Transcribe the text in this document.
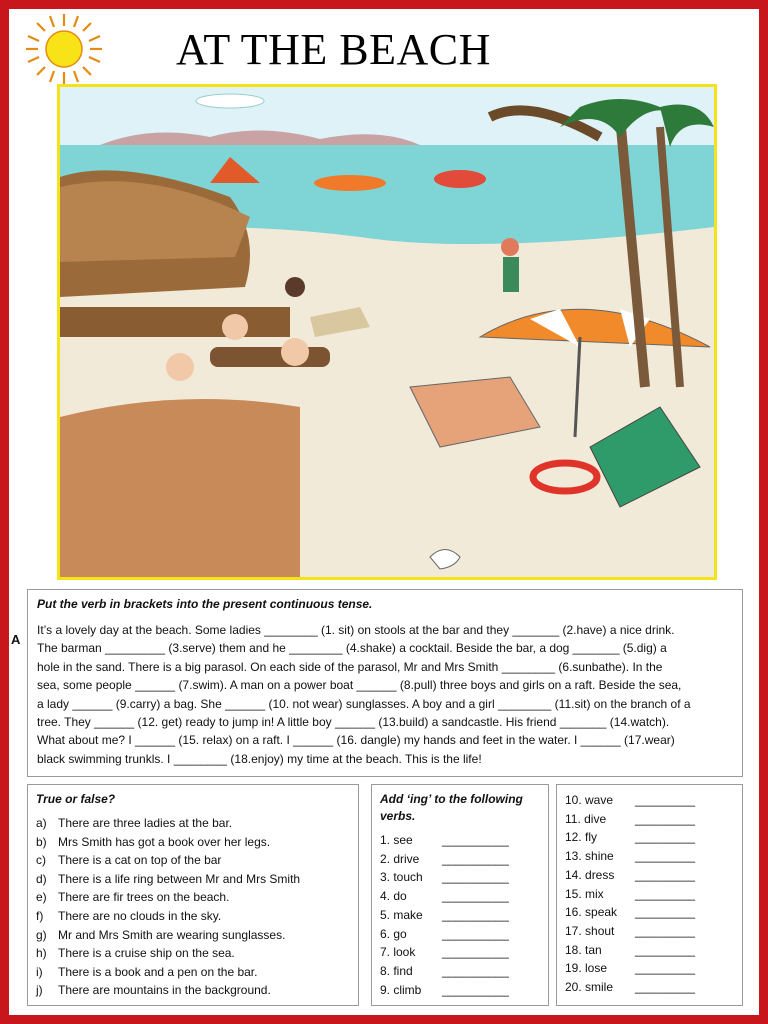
AT THE BEACH
Put the verb in brackets into the present continuous tense.

It’s a lovely day at the beach. Some ladies ________ (1. sit) on stools at the bar and they _______ (2.have) a nice drink.
The barman _________ (3.serve) them and he ________ (4.shake) a cocktail. Beside the bar, a dog _______ (5.dig) a
hole in the sand. There is a big parasol. On each side of the parasol, Mr and Mrs Smith ________ (6.sunbathe). In the
sea, some people ______ (7.swim). A man on a power boat ______ (8.pull) three boys and girls on a raft. Beside the sea,
a lady ______ (9.carry) a bag. She ______ (10. not wear) sunglasses. A boy and a girl ________ (11.sit) on the branch of a
tree. They ______ (12. get) ready to jump in! A little boy ______ (13.build) a sandcastle. His friend _______ (14.watch).
What about me? I ______ (15. relax) on a raft. I ______ (16. dangle) my hands and feet in the water. I ______ (17.wear)
black swimming trunkls. I ________ (18.enjoy) my time at the beach. This is the life!

A
True or false?
a) There are three ladies at the bar.
b) Mrs Smith has got a book over her legs.
c)	There is a cat on top of the bar
d) There is a life ring between Mr and Mrs Smith
e) There are fir trees on the beach.
f)	There are no clouds in the sky.
g) Mr and Mrs Smith are wearing sunglasses.
h) There is a cruise ship on the sea.
i)	There is a book and a pen on the bar.
j)	There are mountains in the background.
Add ‘ing’ to the following
verbs.
1. see	__________
2. drive	__________
3. touch	__________
4. do	__________
5. make	__________
6. go	__________
7. look	__________
8. find	__________
9. climb	__________
10. wave	_________
11. dive	_________
12. fly	_________
13. shine	_________
14. dress	_________
15. mix	_________
16. speak	_________
17. shout	_________
18. tan	_________
19. lose	_________
20. smile	_________
